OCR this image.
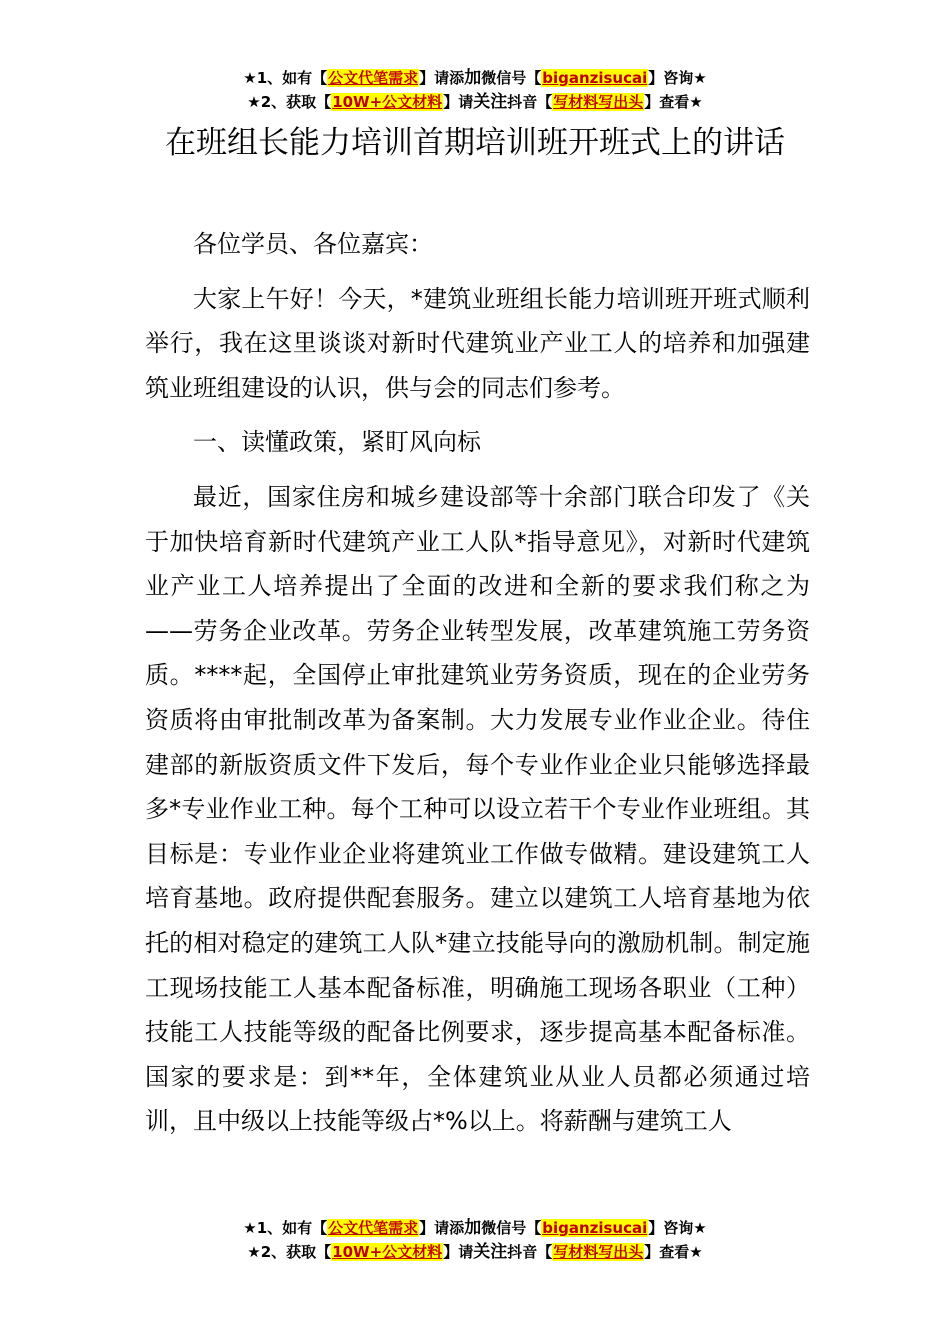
★1、如有【公文代笔需求】请添加微信号【biganzisucai】咨询★
★2、获取【10W+公文材料】请关注抖音【写材料写出头】查看★
在班组长能力培训首期培训班开班式上的讲话

各位学员、各位嘉宾：

大家上午好！今天，*建筑业班组长能力培训班开班式顺利举行，我在这里谈谈对新时代建筑业产业工人的培养和加强建筑业班组建设的认识，供与会的同志们参考。

一、读懂政策，紧盯风向标

最近，国家住房和城乡建设部等十余部门联合印发了《关于加快培育新时代建筑产业工人队*指导意见》，对新时代建筑业产业工人培养提出了全面的改进和全新的要求我们称之为——劳务企业改革。劳务企业转型发展，改革建筑施工劳务资质。****起，全国停止审批建筑业劳务资质，现在的企业劳务资质将由审批制改革为备案制。大力发展专业作业企业。待住建部的新版资质文件下发后，每个专业作业企业只能够选择最多*专业作业工种。每个工种可以设立若干个专业作业班组。其目标是：专业作业企业将建筑业工作做专做精。建设建筑工人培育基地。政府提供配套服务。建立以建筑工人培育基地为依托的相对稳定的建筑工人队*建立技能导向的激励机制。制定施工现场技能工人基本配备标准，明确施工现场各职业（工种）技能工人技能等级的配备比例要求，逐步提高基本配备标准。国家的要求是：到**年，全体建筑业从业人员都必须通过培训，且中级以上技能等级占*%以上。将薪酬与建筑工人

★1、如有【公文代笔需求】请添加微信号【biganzisucai】咨询★
★2、获取【10W+公文材料】请关注抖音【写材料写出头】查看★
